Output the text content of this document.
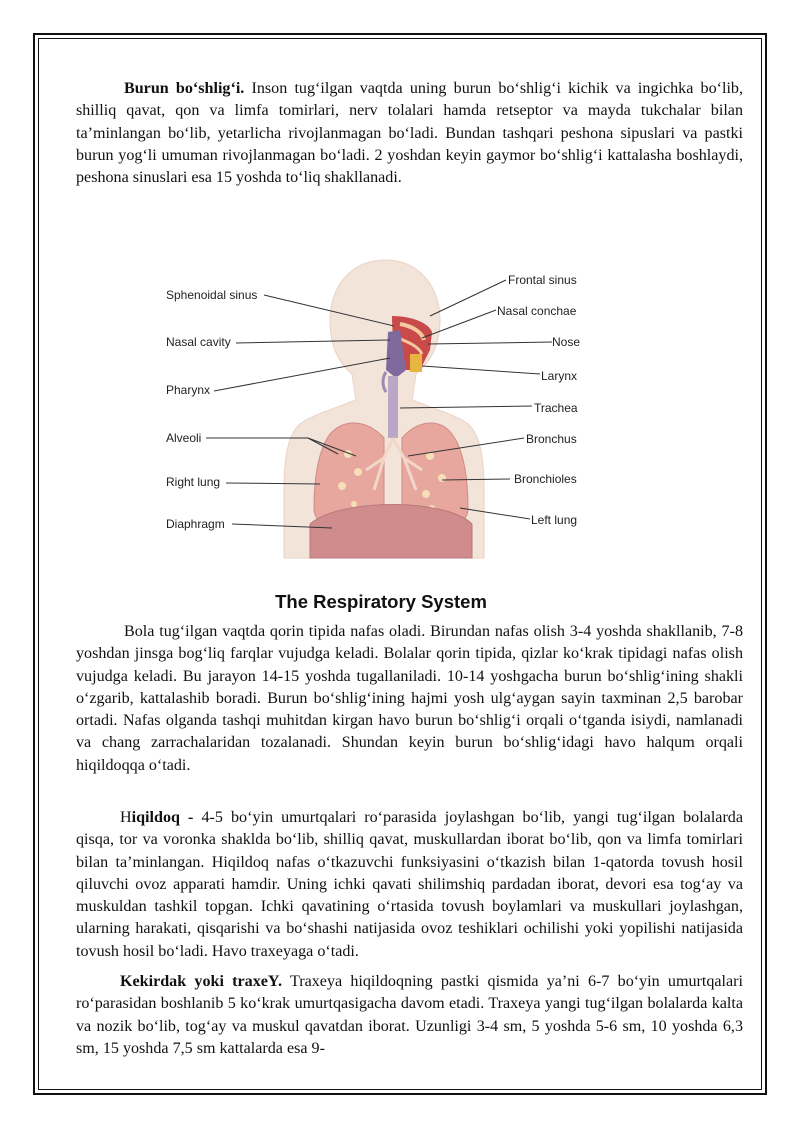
Burun bo‘shlig‘i. Inson tug‘ilgan vaqtda uning burun bo‘shlig‘i kichik va ingichka bo‘lib, shilliq qavat, qon va limfa tomirlari, nerv tolalari hamda retseptor va mayda tukchalar bilan ta’minlangan bo‘lib, yetarlicha rivojlanmagan bo‘ladi. Bundan tashqari peshona sipuslari va pastki burun yog‘li umuman rivojlanmagan bo‘ladi. 2 yoshdan keyin gaymor bo‘shlig‘i kattalasha boshlaydi, peshona sinuslari esa 15 yoshda to‘liq shakllanadi.

Sphenoidal sinus
Nasal cavity
Pharynx
Alveoli
Right lung
Diaphragm
Frontal sinus
Nasal conchae
Nose
Larynx
Trachea
Bronchus
Bronchioles
Left lung
The Respiratory System

Bola tug‘ilgan vaqtda qorin tipida nafas oladi. Birundan nafas olish 3-4 yoshda shakllanib, 7-8 yoshdan jinsga bog‘liq farqlar vujudga keladi. Bolalar qorin tipida, qizlar ko‘krak tipidagi nafas olish vujudga keladi. Bu jarayon 14-15 yoshda tugallaniladi. 10-14 yoshgacha burun bo‘shlig‘ining shakli o‘zgarib, kattalashib boradi. Burun bo‘shlig‘ining hajmi yosh ulg‘aygan sayin taxminan 2,5 barobar ortadi. Nafas olganda tashqi muhitdan kirgan havo burun bo‘shlig‘i orqali o‘tganda isiydi, namlanadi va chang zarrachalaridan tozalanadi. Shundan keyin burun bo‘shlig‘idagi havo halqum orqali hiqildoqqa o‘tadi.

Hiqildoq - 4-5 bo‘yin umurtqalari ro‘parasida joylashgan bo‘lib, yangi tug‘ilgan bolalarda qisqa, tor va voronka shaklda bo‘lib, shilliq qavat, muskullardan iborat bo‘lib, qon va limfa tomirlari bilan ta’minlangan. Hiqildoq nafas o‘tkazuvchi funksiyasini o‘tkazish bilan 1-qatorda tovush hosil qiluvchi ovoz apparati hamdir. Uning ichki qavati shilimshiq pardadan iborat, devori esa tog‘ay va muskuldan tashkil topgan. Ichki qavatining o‘rtasida tovush boylamlari va muskullari joylashgan, ularning harakati, qisqarishi va bo‘shashi natijasida ovoz teshiklari ochilishi yoki yopilishi natijasida tovush hosil bo‘ladi. Havo traxeyaga o‘tadi.

Kekirdak yoki traxeY. Traxeya hiqildoqning pastki qismida ya’ni 6-7 bo‘yin umurtqalari ro‘parasidan boshlanib 5 ko‘krak umurtqasigacha davom etadi. Traxeya yangi tug‘ilgan bolalarda kalta va nozik bo‘lib, tog‘ay va muskul qavatdan iborat. Uzunligi 3-4 sm, 5 yoshda 5-6 sm, 10 yoshda 6,3 sm, 15 yoshda 7,5 sm kattalarda esa 9-
